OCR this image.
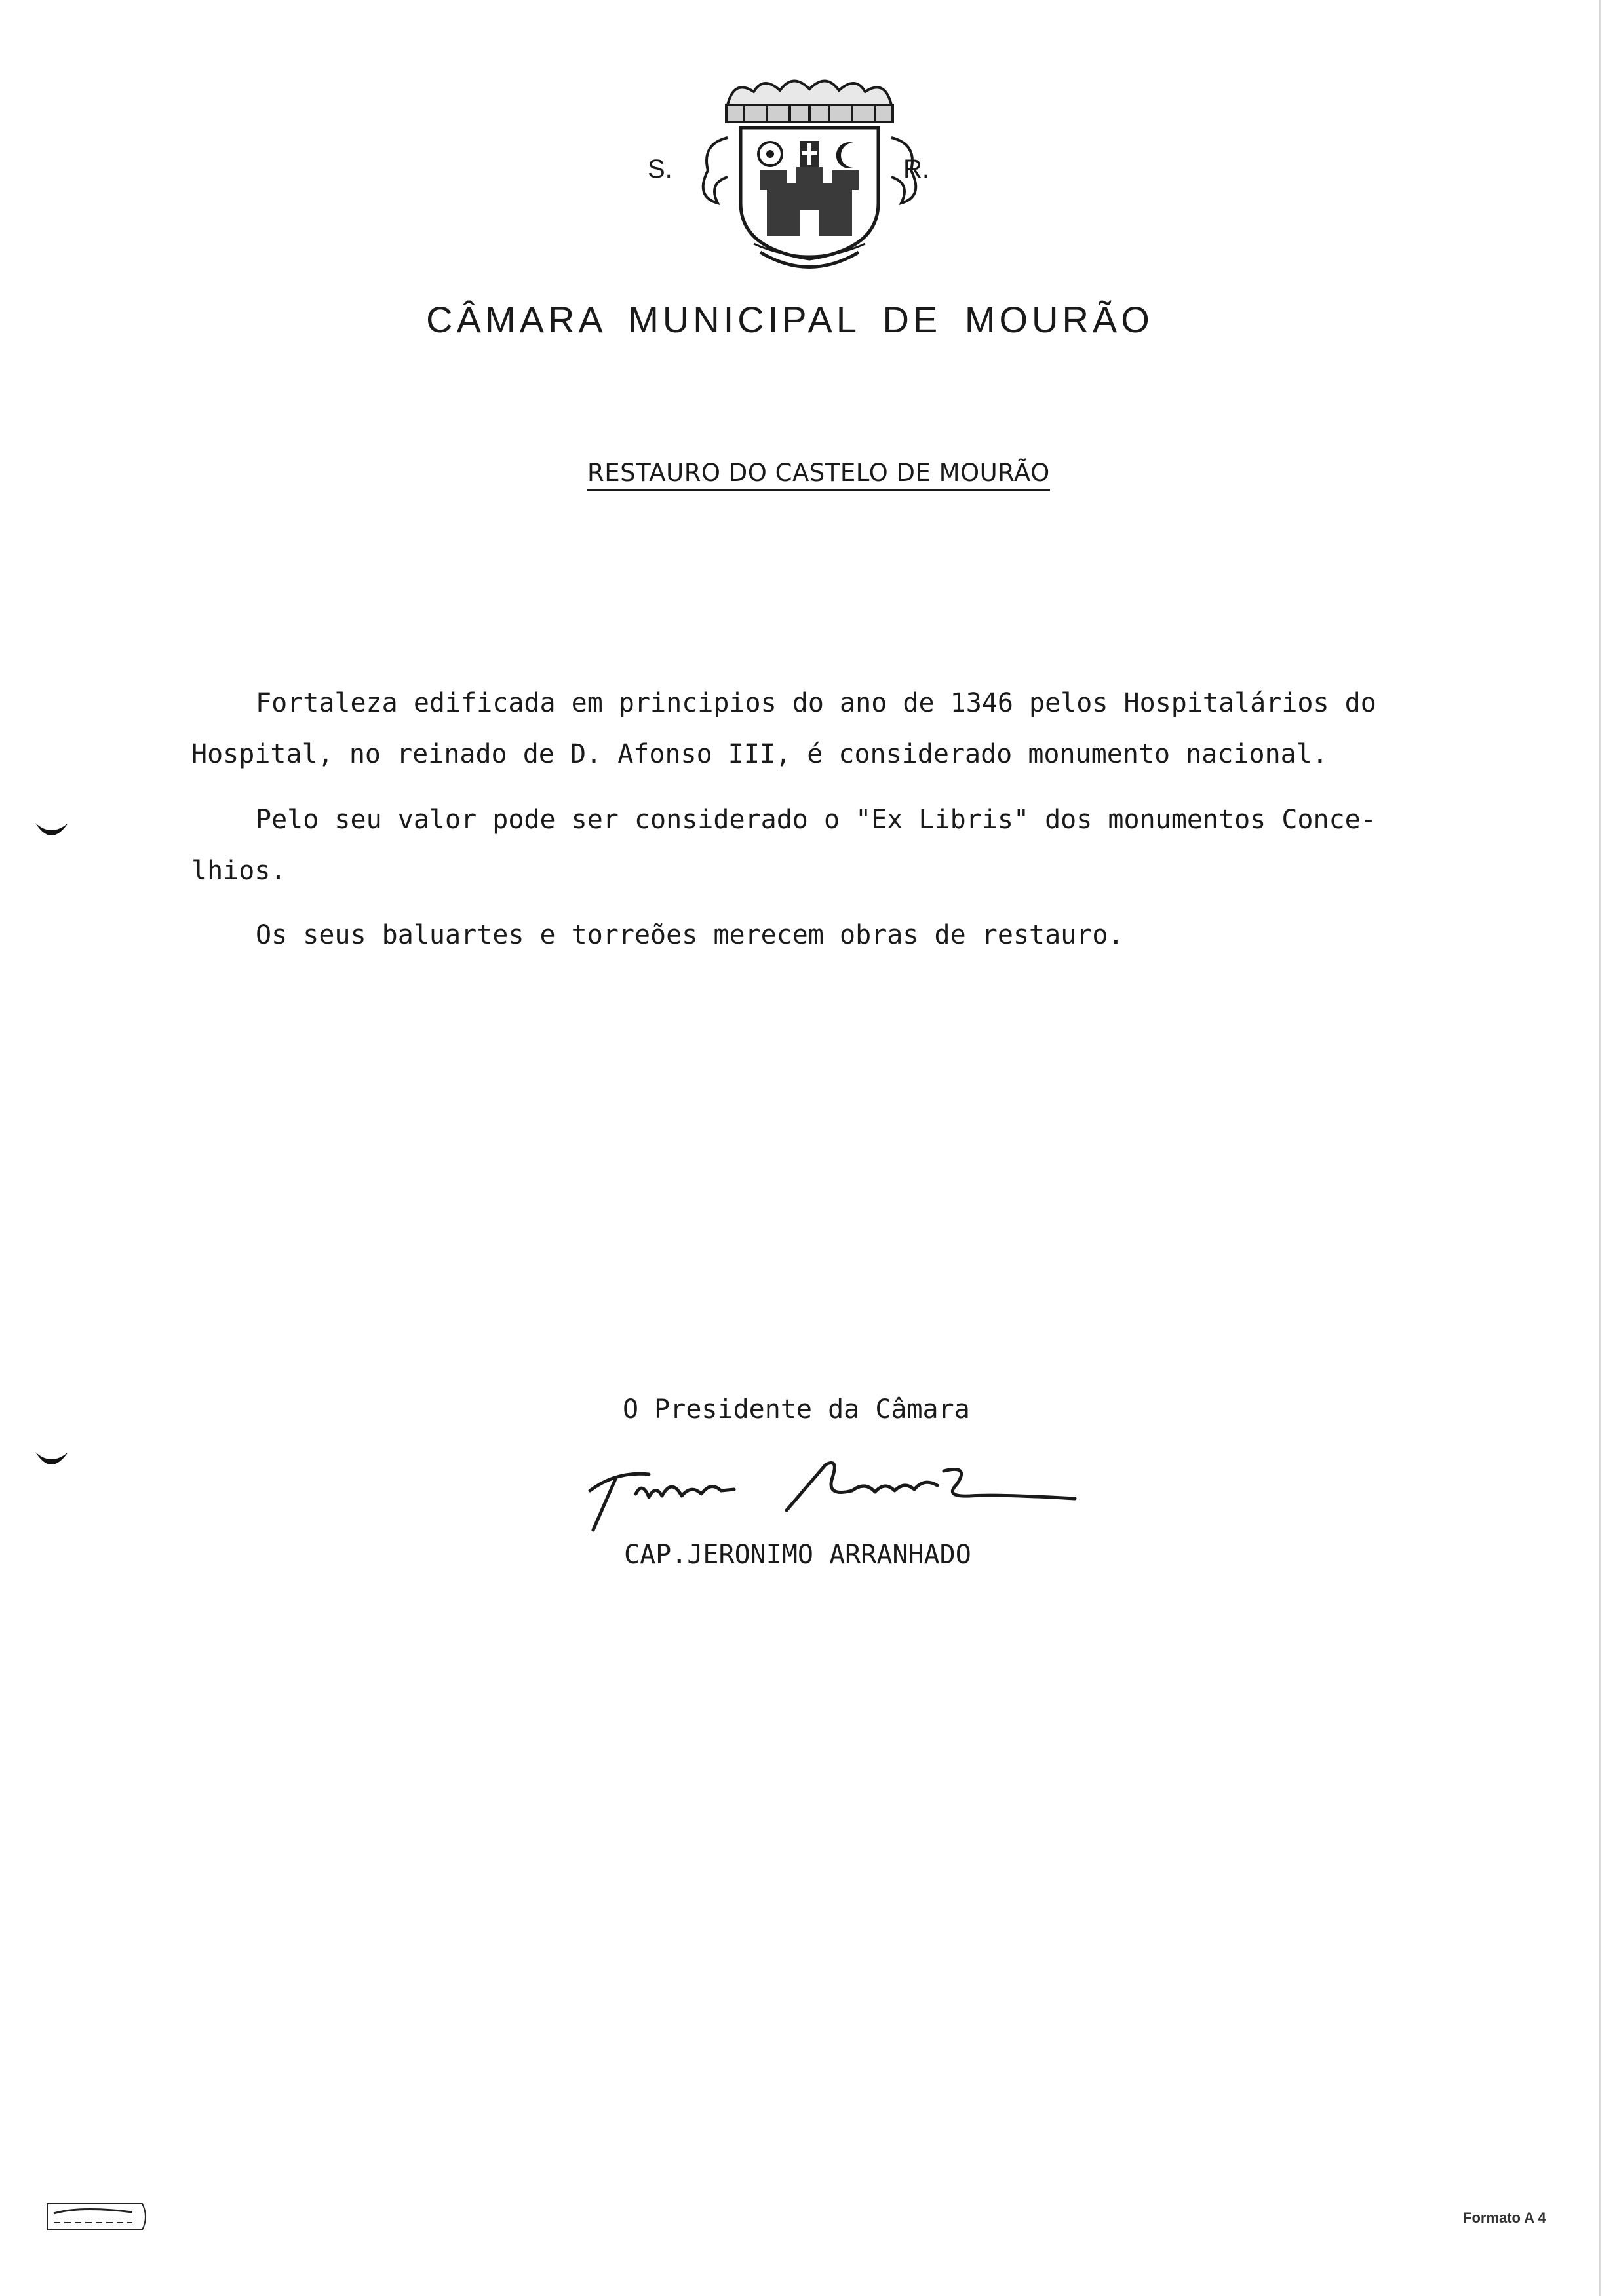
S.	R.
CÂMARA MUNICIPAL DE MOURÃO
RESTAURO DO CASTELO DE MOURÃO
Fortaleza edificada em principios do ano de 1346 pelos Hospitalários do
Hospital, no reinado de D. Afonso III, é considerado monumento nacional.
Pelo seu valor pode ser considerado o "Ex Libris" dos monumentos Conce-
lhios.
Os seus baluartes e torreões merecem obras de restauro.
O Presidente da Câmara
CAP.JERONIMO ARRANHADO
Formato A 4
